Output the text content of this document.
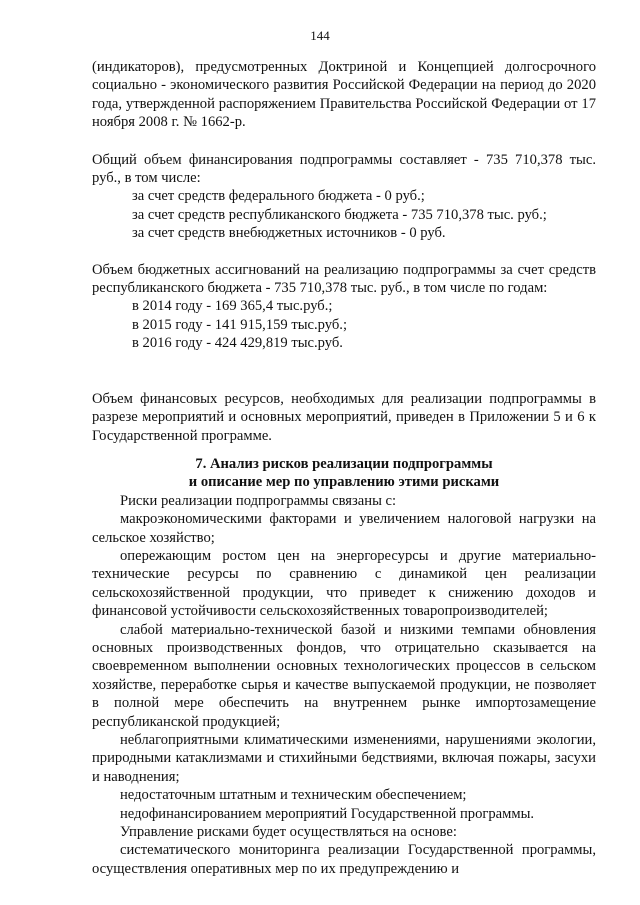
144

(индикаторов), предусмотренных Доктриной и Концепцией долгосрочного социально - экономического развития Российской Федерации на период до 2020 года, утвержденной распоряжением Правительства Российской Федерации от 17 ноября 2008 г. № 1662-р.

Общий объем финансирования подпрограммы составляет - 735 710,378 тыс. руб., в том числе:

за счет средств федерального бюджета - 0 руб.;

за счет средств республиканского бюджета - 735 710,378 тыс. руб.;

за счет средств внебюджетных источников - 0 руб.

Объем бюджетных ассигнований на реализацию подпрограммы за счет средств республиканского бюджета - 735 710,378 тыс. руб., в том числе по годам:

в 2014 году - 169 365,4 тыс.руб.;

в 2015 году - 141 915,159 тыс.руб.;

в 2016 году - 424 429,819 тыс.руб.

Объем финансовых ресурсов, необходимых для реализации подпрограммы в разрезе мероприятий и основных мероприятий, приведен в Приложении 5 и 6 к Государственной программе.

7. Анализ рисков реализации подпрограммы

и описание мер по управлению этими рисками

Риски реализации подпрограммы связаны с:

макроэкономическими факторами и увеличением налоговой нагрузки на сельское хозяйство;

опережающим ростом цен на энергоресурсы и другие материально-технические ресурсы по сравнению с динамикой цен реализации сельскохозяйственной продукции, что приведет к снижению доходов и финансовой устойчивости сельскохозяйственных товаропроизводителей;

слабой материально-технической базой и низкими темпами обновления основных производственных фондов, что отрицательно сказывается на своевременном выполнении основных технологических процессов в сельском хозяйстве, переработке сырья и качестве выпускаемой продукции, не позволяет в полной мере обеспечить на внутреннем рынке импортозамещение республиканской продукцией;

неблагоприятными климатическими изменениями, нарушениями экологии, природными катаклизмами и стихийными бедствиями, включая пожары, засухи и наводнения;

недостаточным штатным и техническим обеспечением;

недофинансированием мероприятий Государственной программы.

Управление рисками будет осуществляться на основе:

систематического мониторинга реализации Государственной программы, осуществления оперативных мер по их предупреждению и
